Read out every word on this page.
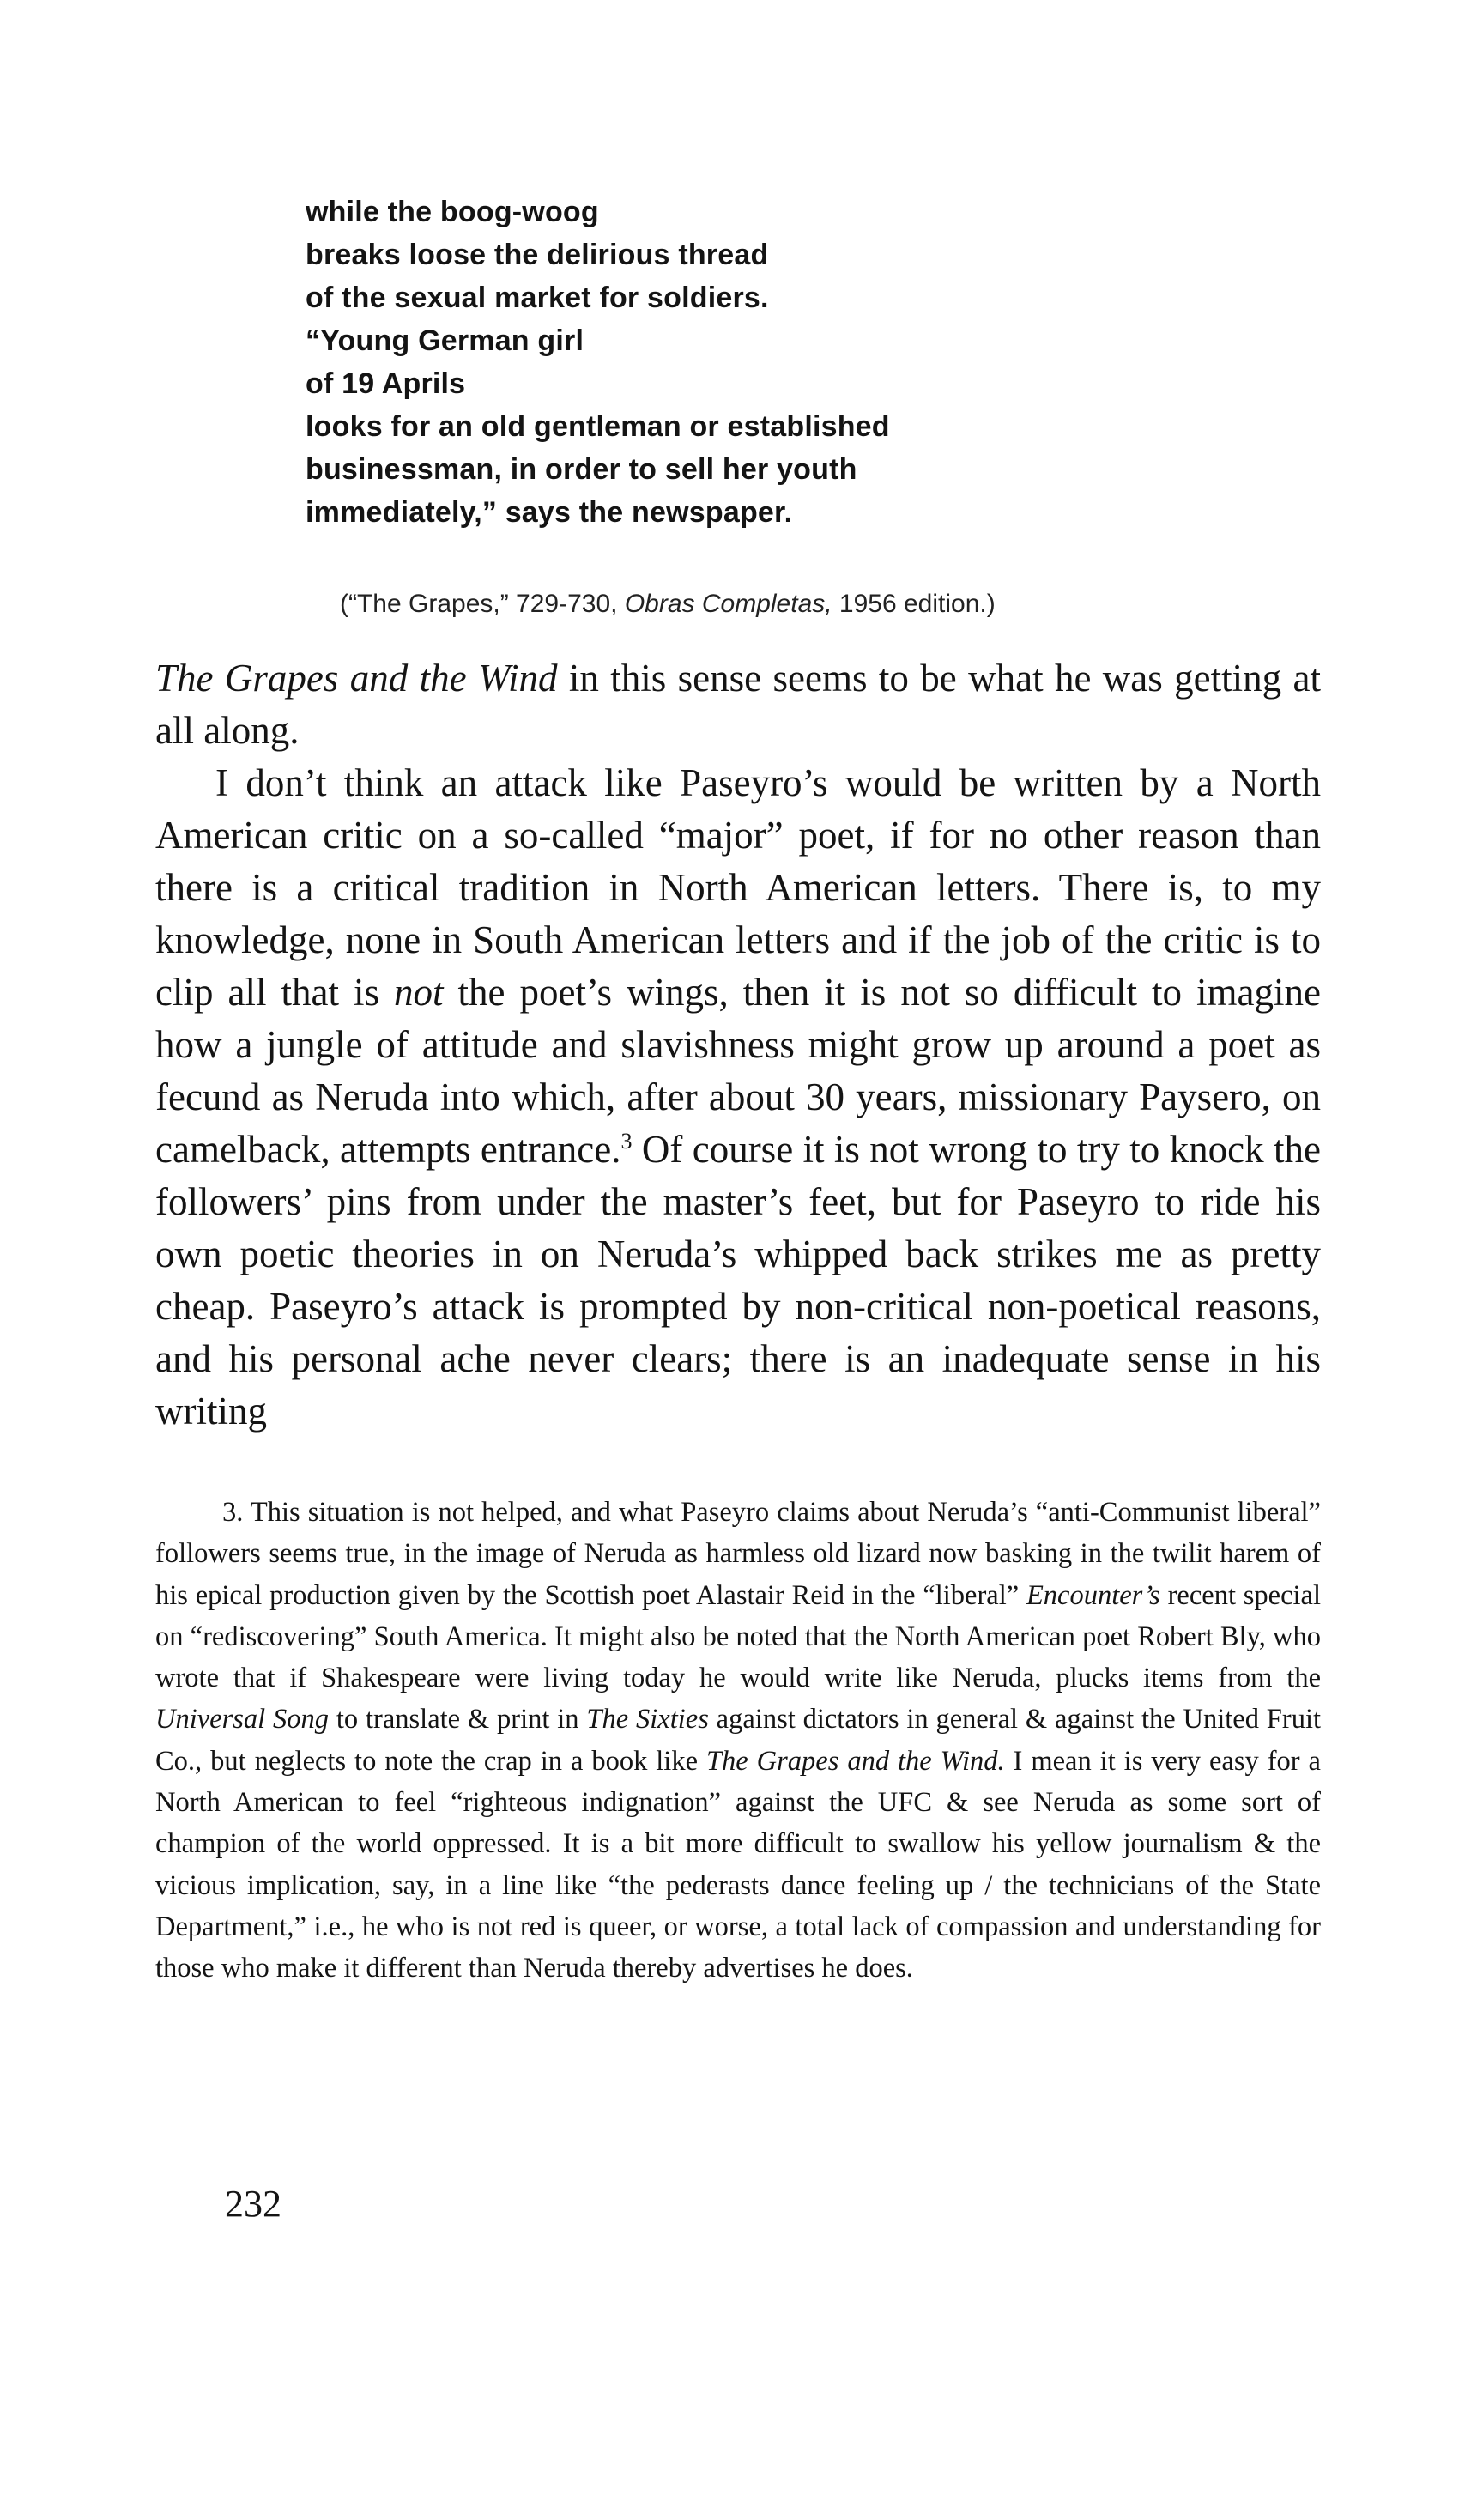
while the boog-woog
breaks loose the delirious thread
of the sexual market for soldiers.
“Young German girl
of 19 Aprils
looks for an old gentleman or established
businessman, in order to sell her youth
immediately,” says the newspaper.
(“The Grapes,” 729-730, Obras Completas, 1956 edition.)

The Grapes and the Wind in this sense seems to be what he was getting at all along.

I don’t think an attack like Paseyro’s would be written by a North American critic on a so-called “major” poet, if for no other reason than there is a critical tradition in North American letters. There is, to my knowledge, none in South American letters and if the job of the critic is to clip all that is not the poet’s wings, then it is not so difficult to imagine how a jungle of attitude and slavishness might grow up around a poet as fecund as Neruda into which, after about 30 years, missionary Paysero, on camelback, attempts entrance.$^3$ Of course it is not wrong to try to knock the followers’ pins from under the master’s feet, but for Paseyro to ride his own poetic theories in on Neruda’s whipped back strikes me as pretty cheap. Paseyro’s attack is prompted by non-critical non-poetical reasons, and his personal ache never clears; there is an inadequate sense in his writing

3. This situation is not helped, and what Paseyro claims about Neruda’s “anti-Communist liberal” followers seems true, in the image of Neruda as harmless old lizard now basking in the twilit harem of his epical production given by the Scottish poet Alastair Reid in the “liberal” Encounter’s recent special on “rediscovering” South America. It might also be noted that the North American poet Robert Bly, who wrote that if Shakespeare were living today he would write like Neruda, plucks items from the Universal Song to translate & print in The Sixties against dictators in general & against the United Fruit Co., but neglects to note the crap in a book like The Grapes and the Wind. I mean it is very easy for a North American to feel “righteous indignation” against the UFC & see Neruda as some sort of champion of the world oppressed. It is a bit more difficult to swallow his yellow journalism & the vicious implication, say, in a line like “the pederasts dance feeling up / the technicians of the State Department,” i.e., he who is not red is queer, or worse, a total lack of compassion and understanding for those who make it different than Neruda thereby advertises he does.

232
